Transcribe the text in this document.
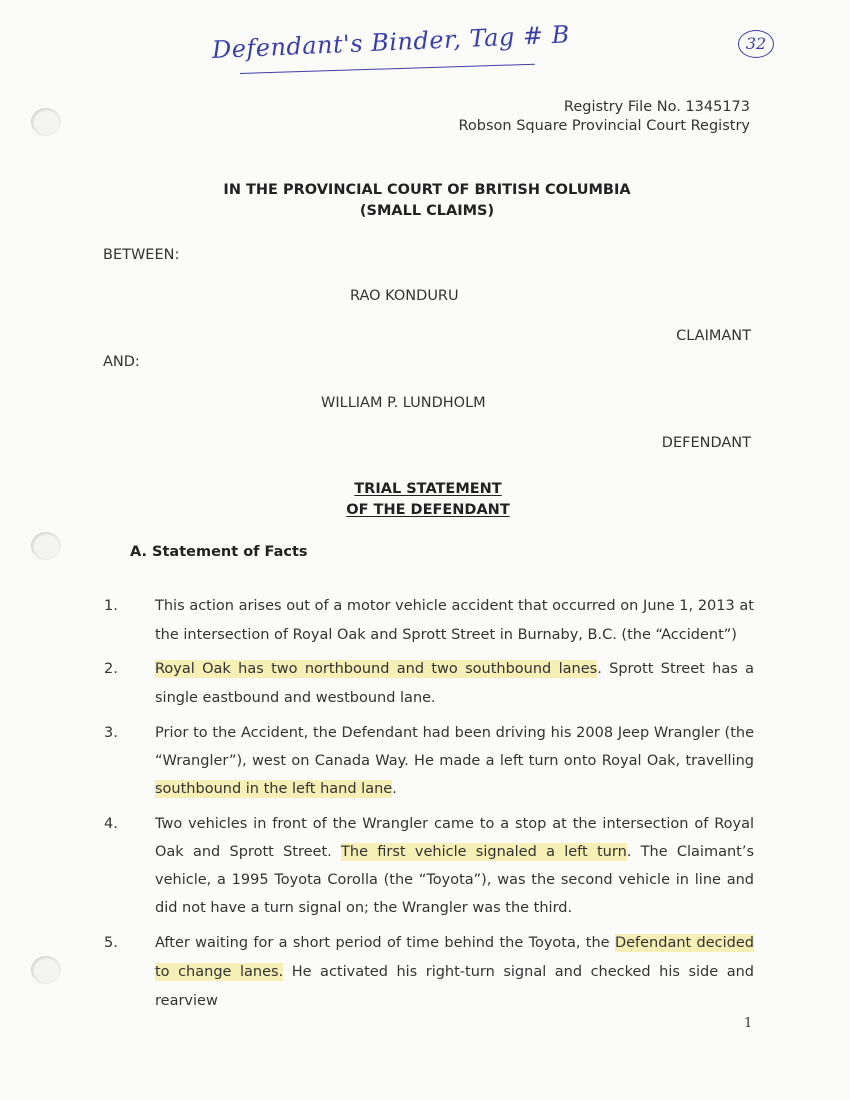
Defendant's Binder, Tag # B	32
Registry File No. 1345173
Robson Square Provincial Court Registry
IN THE PROVINCIAL COURT OF BRITISH COLUMBIA
(SMALL CLAIMS)
BETWEEN:
RAO KONDURU
CLAIMANT
AND:
WILLIAM P. LUNDHOLM
DEFENDANT
TRIAL STATEMENT
OF THE DEFENDANT
A. Statement of Facts
1.	This action arises out of a motor vehicle accident that occurred on June 1, 2013 at the intersection of Royal Oak and Sprott Street in Burnaby, B.C. (the “Accident”)
2.	Royal Oak has two northbound and two southbound lanes. Sprott Street has a single eastbound and westbound lane.
3.	Prior to the Accident, the Defendant had been driving his 2008 Jeep Wrangler (the “Wrangler”), west on Canada Way. He made a left turn onto Royal Oak, travelling southbound in the left hand lane.
4.	Two vehicles in front of the Wrangler came to a stop at the intersection of Royal Oak and Sprott Street. The first vehicle signaled a left turn. The Claimant’s vehicle, a 1995 Toyota Corolla (the “Toyota”), was the second vehicle in line and did not have a turn signal on; the Wrangler was the third.
5.	After waiting for a short period of time behind the Toyota, the Defendant decided to change lanes. He activated his right-turn signal and checked his side and rearview
1
